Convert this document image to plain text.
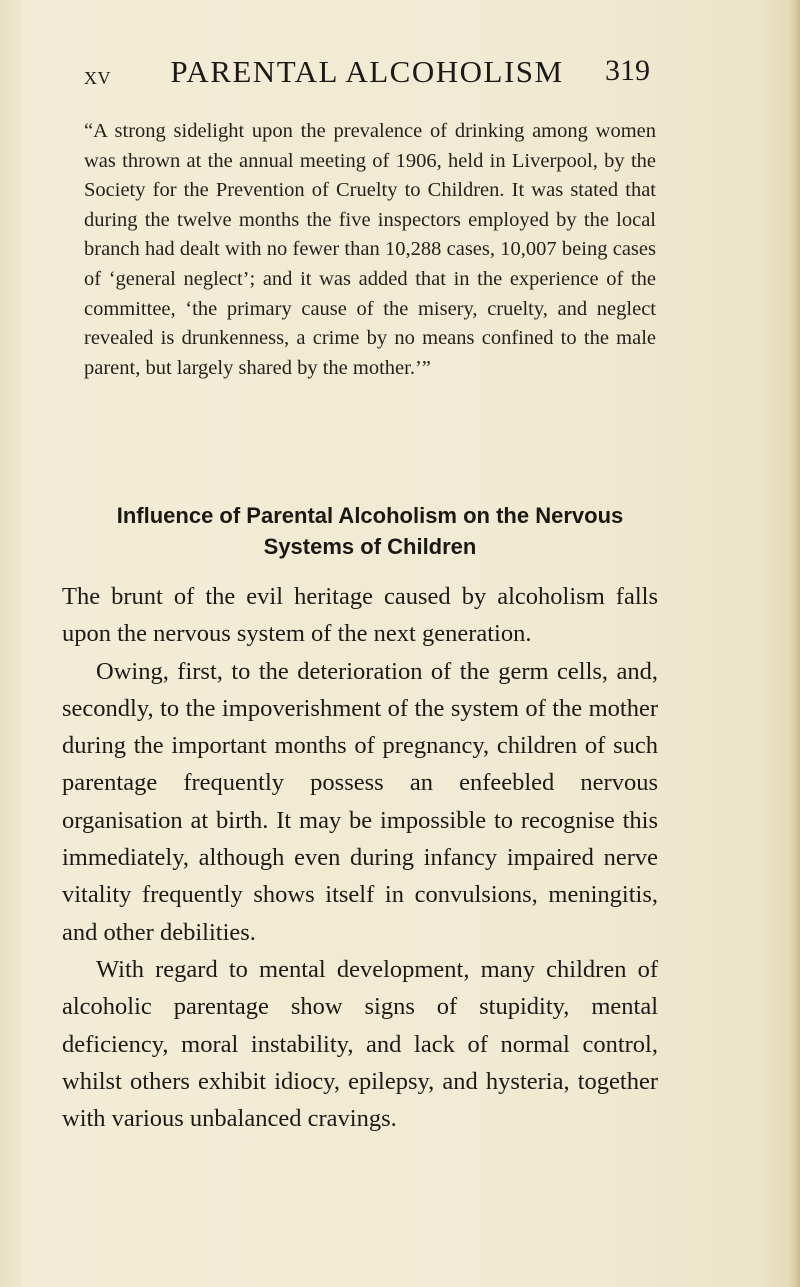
XV	PARENTAL ALCOHOLISM	319

“A strong sidelight upon the prevalence of drinking among women was thrown at the annual meeting of 1906, held in Liverpool, by the Society for the Prevention of Cruelty to Children. It was stated that during the twelve months the five inspectors employed by the local branch had dealt with no fewer than 10,288 cases, 10,007 being cases of ‘general neglect’; and it was added that in the experience of the committee, ‘the primary cause of the misery, cruelty, and neglect revealed is drunkenness, a crime by no means confined to the male parent, but largely shared by the mother.’”

Influence of Parental Alcoholism on the Nervous
Systems of Children

The brunt of the evil heritage caused by alcoholism falls upon the nervous system of the next generation.

Owing, first, to the deterioration of the germ cells, and, secondly, to the impoverishment of the system of the mother during the important months of pregnancy, children of such parentage frequently possess an enfeebled nervous organisation at birth. It may be impossible to recognise this immediately, although even during infancy impaired nerve vitality frequently shows itself in convulsions, meningitis, and other debilities.

With regard to mental development, many children of alcoholic parentage show signs of stupidity, mental deficiency, moral instability, and lack of normal control, whilst others exhibit idiocy, epilepsy, and hysteria, together with various unbalanced cravings.
